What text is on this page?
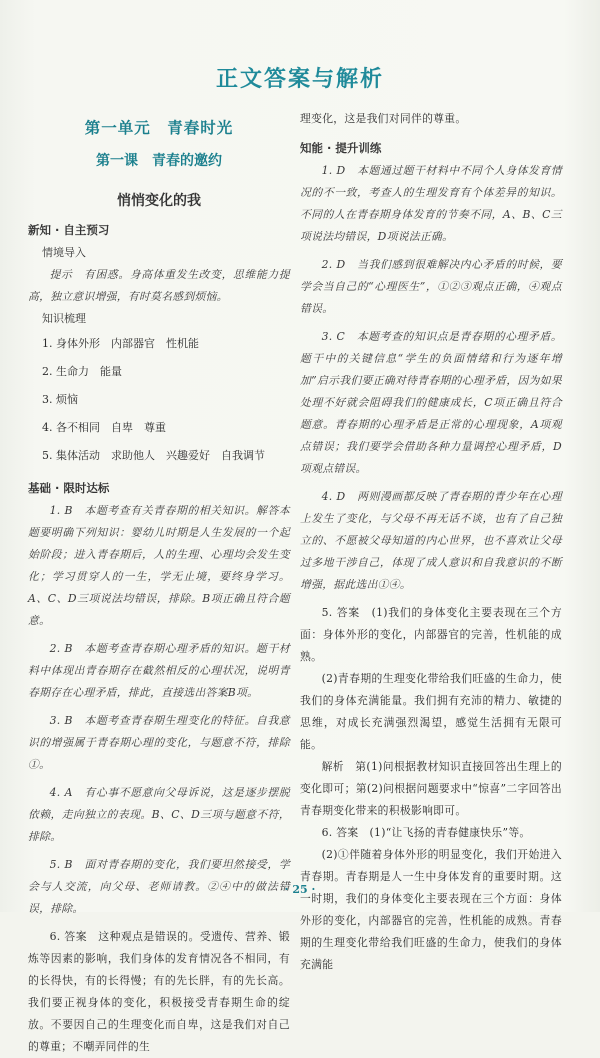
正文答案与解析
第一单元　青春时光
第一课　青春的邀约
悄悄变化的我
新知 · 自主预习
情境导入
提示　有困惑。身高体重发生改变，思维能力提高，独立意识增强，有时莫名感到烦恼。
知识梳理
1. 身体外形　内部器官　性机能
2. 生命力　能量
3. 烦恼
4. 各不相同　自卑　尊重
5. 集体活动　求助他人　兴趣爱好　自我调节
基础 · 限时达标
1. B　本题考查有关青春期的相关知识。解答本题要明确下列知识：婴幼儿时期是人生发展的一个起始阶段；进入青春期后，人的生理、心理均会发生变化；学习贯穿人的一生，学无止境，要终身学习。A、C、D三项说法均错误，排除。B项正确且符合题意。
2. B　本题考查青春期心理矛盾的知识。题干材料中体现出青春期存在截然相反的心理状况，说明青春期存在心理矛盾，排此，直接选出答案B项。
3. B　本题考查青春期生理变化的特征。自我意识的增强属于青春期心理的变化，与题意不符，排除①。
4. A　有心事不愿意向父母诉说，这是逐步摆脱依赖，走向独立的表现。B、C、D三项与题意不符，排除。
5. B　面对青春期的变化，我们要坦然接受，学会与人交流，向父母、老师请教。②④中的做法错误，排除。
6. 答案　这种观点是错误的。受遗传、营养、锻炼等因素的影响，我们身体的发育情况各不相同，有的长得快，有的长得慢；有的先长胖，有的先长高。我们要正视身体的变化，积极接受青春期生命的绽放。不要因自己的生理变化而自卑，这是我们对自己的尊重；不嘲弄同伴的生
理变化，这是我们对同伴的尊重。
知能 · 提升训练
1. D　本题通过题干材料中不同个人身体发育情况的不一致，考查人的生理发育有个体差异的知识。不同的人在青春期身体发育的节奏不同，A、B、C三项说法均错误，D项说法正确。
2. D　当我们感到很难解决内心矛盾的时候，要学会当自己的“心理医生”，①②③观点正确，④观点错误。
3. C　本题考查的知识点是青春期的心理矛盾。题干中的关键信息“学生的负面情绪和行为逐年增加”启示我们要正确对待青春期的心理矛盾，因为如果处理不好就会阻碍我们的健康成长，C项正确且符合题意。青春期的心理矛盾是正常的心理现象，A项观点错误；我们要学会借助各种力量调控心理矛盾，D项观点错误。
4. D　两则漫画都反映了青春期的青少年在心理上发生了变化，与父母不再无话不谈，也有了自己独立的、不愿被父母知道的内心世界，也不喜欢让父母过多地干涉自己，体现了成人意识和自我意识的不断增强，据此选出①④。
5. 答案　(1)我们的身体变化主要表现在三个方面：身体外形的变化，内部器官的完善，性机能的成熟。
(2)青春期的生理变化带给我们旺盛的生命力，使我们的身体充满能量。我们拥有充沛的精力、敏捷的思维，对成长充满强烈渴望，感觉生活拥有无限可能。
解析　第(1)问根据教材知识直接回答出生理上的变化即可；第(2)问根据问题要求中“惊喜”二字回答出青春期变化带来的积极影响即可。
6. 答案　(1)“让飞扬的青春健康快乐”等。
(2)①伴随着身体外形的明显变化，我们开始进入青春期。青春期是人一生中身体发育的重要时期。这一时期，我们的身体变化主要表现在三个方面：身体外形的变化，内部器官的完善，性机能的成熟。青春期的生理变化带给我们旺盛的生命力，使我们的身体充满能
· 25 ·
